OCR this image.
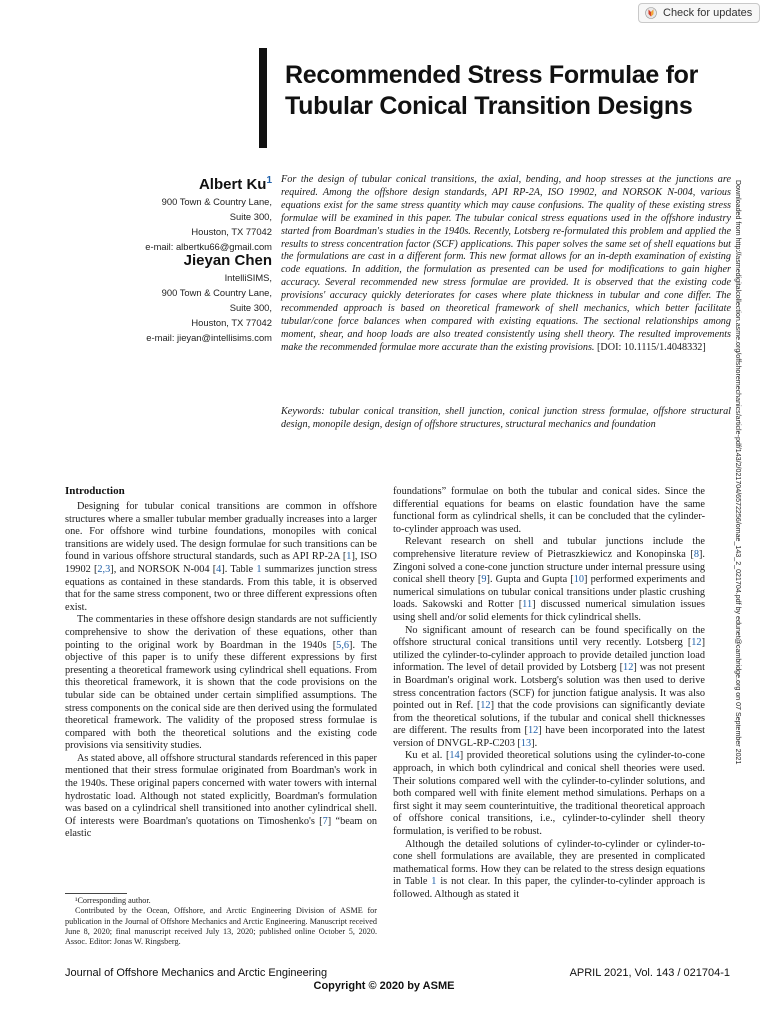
Check for updates
Recommended Stress Formulae for Tubular Conical Transition Designs
Albert Ku$^1$
900 Town & Country Lane,
Suite 300,
Houston, TX 77042
e-mail: albertku66@gmail.com
Jieyan Chen
IntelliSIMS,
900 Town & Country Lane,
Suite 300,
Houston, TX 77042
e-mail: jieyan@intellisims.com
For the design of tubular conical transitions, the axial, bending, and hoop stresses at the junctions are required. Among the offshore design standards, API RP-2A, ISO 19902, and NORSOK N-004, various equations exist for the same stress quantity which may cause confusions. The quality of these existing stress formulae will be examined in this paper. The tubular conical stress equations used in the offshore industry started from Boardman's studies in the 1940s. Recently, Lotsberg re-formulated this problem and applied the results to stress concentration factor (SCF) applications. This paper solves the same set of shell equations but the formulations are cast in a different form. This new format allows for an in-depth examination of existing code equations. In addition, the formulation as presented can be used for modifications to gain higher accuracy. Several recommended new stress formulae are provided. It is observed that the existing code provisions' accuracy quickly deteriorates for cases where plate thickness in tubular and cone differ. The recommended approach is based on theoretical framework of shell mechanics, which better facilitate tubular/cone force balances when compared with existing equations. The sectional relationships among moment, shear, and hoop loads are also treated consistently using shell theory. The resulted improvements make the recommended formulae more accurate than the existing provisions. [DOI: 10.1115/1.4048332]
Keywords: tubular conical transition, shell junction, conical junction stress formulae, offshore structural design, monopile design, design of offshore structures, structural mechanics and foundation	Downloaded from http://asmedigitalcollection.asme.org/offshoremechanics/article-pdf/143/2/021704/6572256/omae_143_2_021704.pdf by edunet@cambridge.org on 07 September 2021
Introduction

Designing for tubular conical transitions are common in offshore structures where a smaller tubular member gradually increases into a larger one. For offshore wind turbine foundations, monopiles with conical transitions are widely used. The design formulae for such transitions can be found in various offshore structural standards, such as API RP-2A [1], ISO 19902 [2,3], and NORSOK N-004 [4]. Table 1 summarizes junction stress equations as contained in these standards. From this table, it is observed that for the same stress component, two or three different expressions often exist.

The commentaries in these offshore design standards are not sufficiently comprehensive to show the derivation of these equations, other than pointing to the original work by Boardman in the 1940s [5,6]. The objective of this paper is to unify these different expressions by first presenting a theoretical framework using cylindrical shell equations. From this theoretical framework, it is shown that the code provisions on the tubular side can be obtained under certain simplified assumptions. The stress components on the conical side are then derived using the formulated theoretical framework. The validity of the proposed stress formulae is compared with both the theoretical solutions and the existing code provisions via sensitivity studies.

As stated above, all offshore structural standards referenced in this paper mentioned that their stress formulae originated from Boardman's work in the 1940s. These original papers concerned with water towers with internal hydrostatic load. Although not stated explicitly, Boardman's formulation was based on a cylindrical shell transitioned into another cylindrical shell. Of interests were Boardman's quotations on Timoshenko's [7] “beam on elastic

foundations” formulae on both the tubular and conical sides. Since the differential equations for beams on elastic foundation have the same functional form as cylindrical shells, it can be concluded that the cylinder-to-cylinder approach was used.

Relevant research on shell and tubular junctions include the comprehensive literature review of Pietraszkiewicz and Konopinska [8]. Zingoni solved a cone-cone junction structure under internal pressure using conical shell theory [9]. Gupta and Gupta [10] performed experiments and numerical simulations on tubular conical transitions under plastic crushing loads. Sakowski and Rotter [11] discussed numerical simulation issues using shell and/or solid elements for thick cylindrical shells.

No significant amount of research can be found specifically on the offshore structural conical transitions until very recently. Lotsberg [12] utilized the cylinder-to-cylinder approach to provide detailed junction load information. The level of detail provided by Lotsberg [12] was not present in Boardman's original work. Lotsberg's solution was then used to derive stress concentration factors (SCF) for junction fatigue analysis. It was also pointed out in Ref. [12] that the code provisions can significantly deviate from the theoretical solutions, if the tubular and conical shell thicknesses are different. The results from [12] have been incorporated into the latest version of DNVGL-RP-C203 [13].

Ku et al. [14] provided theoretical solutions using the cylinder-to-cone approach, in which both cylindrical and conical shell theories were used. Their solutions compared well with the cylinder-to-cylinder solutions, and both compared well with finite element method simulations. Perhaps on a first sight it may seem counterintuitive, the traditional theoretical approach of offshore conical transitions, i.e., cylinder-to-cylinder shell theory formulation, is verified to be robust.

Although the detailed solutions of cylinder-to-cylinder or cylinder-to-cone shell formulations are available, they are presented in complicated mathematical forms. How they can be related to the stress design equations in Table 1 is not clear. In this paper, the cylinder-to-cylinder approach is followed. Although as stated it

¹Corresponding author.

Contributed by the Ocean, Offshore, and Arctic Engineering Division of ASME for publication in the Journal of Offshore Mechanics and Arctic Engineering. Manuscript received June 8, 2020; final manuscript received July 13, 2020; published online October 5, 2020. Assoc. Editor: Jonas W. Ringsberg.

Journal of Offshore Mechanics and Arctic Engineering	APRIL 2021, Vol. 143 / 021704-1
Copyright © 2020 by ASME
